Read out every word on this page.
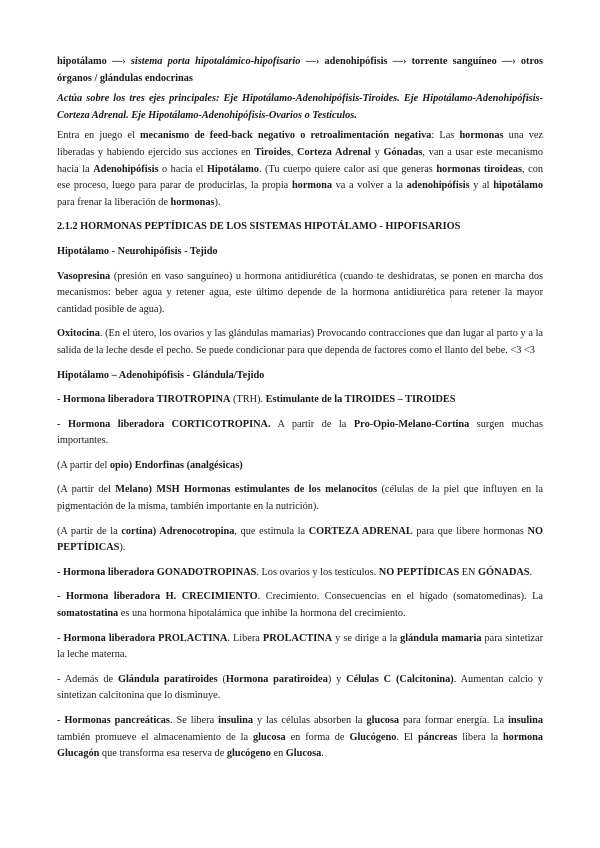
hipotálamo ―› sistema porta hipotalámico-hipofisario ―› adenohipófisis ―› torrente sanguíneo ―› otros órganos / glándulas endocrinas

Actúa sobre los tres ejes principales: Eje Hipotálamo-Adenohipófisis-Tiroides. Eje Hipotálamo-Adenohipófisis-Corteza Adrenal. Eje Hipotálamo-Adenohipófisis-Ovarios o Testículos.

Entra en juego el mecanismo de feed-back negativo o retroalimentación negativa: Las hormonas una vez liberadas y habiendo ejercido sus acciones en Tiroides, Corteza Adrenal y Gónadas, van a usar este mecanismo hacia la Adenohipófisis o hacia el Hipotálamo. (Tu cuerpo quiere calor así que generas hormonas tiroideas, con ese proceso, luego para parar de producirlas, la propia hormona va a volver a la adenohipófisis y al hipotálamo para frenar la liberación de hormonas).

2.1.2 HORMONAS PEPTÍDICAS DE LOS SISTEMAS HIPOTÁLAMO - HIPOFISARIOS

Hipotálamo - Neurohipófisis - Tejido

Vasopresina (presión en vaso sanguíneo) u hormona antidiurética (cuando te deshidratas, se ponen en marcha dos mecanismos: beber agua y retener agua, este último depende de la hormona antidiurética para retener la mayor cantidad posible de agua).

Oxitocina. (En el útero, los ovarios y las glándulas mamarias) Provocando contracciones que dan lugar al parto y a la salida de la leche desde el pecho. Se puede condicionar para que dependa de factores como el llanto del bebe. <3 <3

Hipotálamo – Adenohipófisis - Glándula/Tejido

- Hormona liberadora TIROTROPINA (TRH). Estimulante de la TIROIDES – TIROIDES

- Hormona liberadora CORTICOTROPINA. A partir de la Pro-Opio-Melano-Cortina surgen muchas importantes.

(A partir del opio) Endorfinas (analgésicas)

(A partir del Melano) MSH Hormonas estimulantes de los melanocitos (células de la piel que influyen en la pigmentación de la misma, también importante en la nutrición).

(A partir de la cortina) Adrenocotropina, que estimula la CORTEZA ADRENAL para que libere hormonas NO PEPTÍDICAS).

- Hormona liberadora GONADOTROPINAS. Los ovarios y los testículos. NO PEPTÍDICAS EN GÓNADAS.

- Hormona liberadora H. CRECIMIENTO. Crecimiento. Consecuencias en el hígado (somatomedinas). La somatostatina es una hormona hipotalámica que inhibe la hormona del crecimiento.

- Hormona liberadora PROLACTINA. Libera PROLACTINA y se dirige a la glándula mamaria para sintetizar la leche materna.

- Además de Glándula paratiroides (Hormona paratiroidea) y Células C (Calcitonina). Aumentan calcio y sintetizan calcitonina que lo disminuye.

- Hormonas pancreáticas. Se libera insulina y las células absorben la glucosa para formar energía. La insulina también promueve el almacenamiento de la glucosa en forma de Glucógeno. El páncreas libera la hormona Glucagón que transforma esa reserva de glucógeno en Glucosa.
